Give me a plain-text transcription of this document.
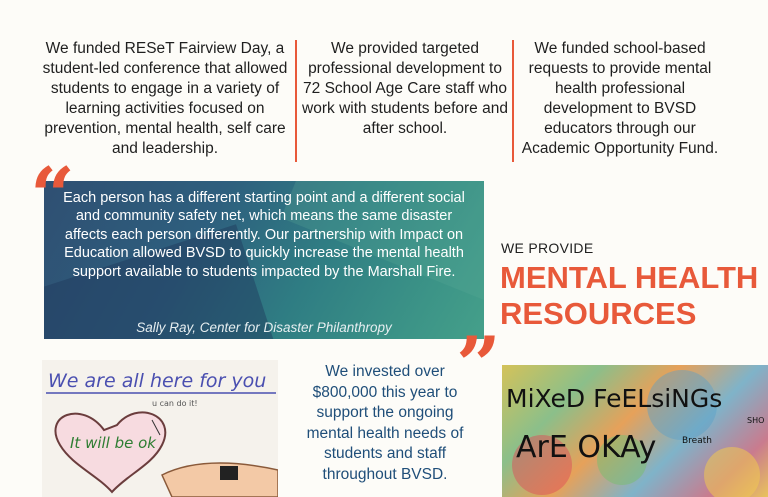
We funded RESeT Fairview Day, a student-led conference that allowed students to engage in a variety of learning activities focused on prevention, mental health, self care and leadership.
We provided targeted professional development to 72 School Age Care staff who work with students before and after school.
We funded school-based requests to provide mental health professional development to BVSD educators through our Academic Opportunity Fund.
Each person has a different starting point and a different social and community safety net, which means the same disaster affects each person differently. Our partnership with Impact on Education allowed BVSD to quickly increase the mental health support available to students impacted by the Marshall Fire.
Sally Ray, Center for Disaster Philanthropy
“
”
WE PROVIDE
MENTAL HEALTH RESOURCES
We invested over $800,000 this year to support the ongoing mental health needs of students and staff throughout BVSD.
We are all here for you
u can do it!
It will be ok
MiXeD FeELsiNGs
ArE OKAy	Breath
SHO
